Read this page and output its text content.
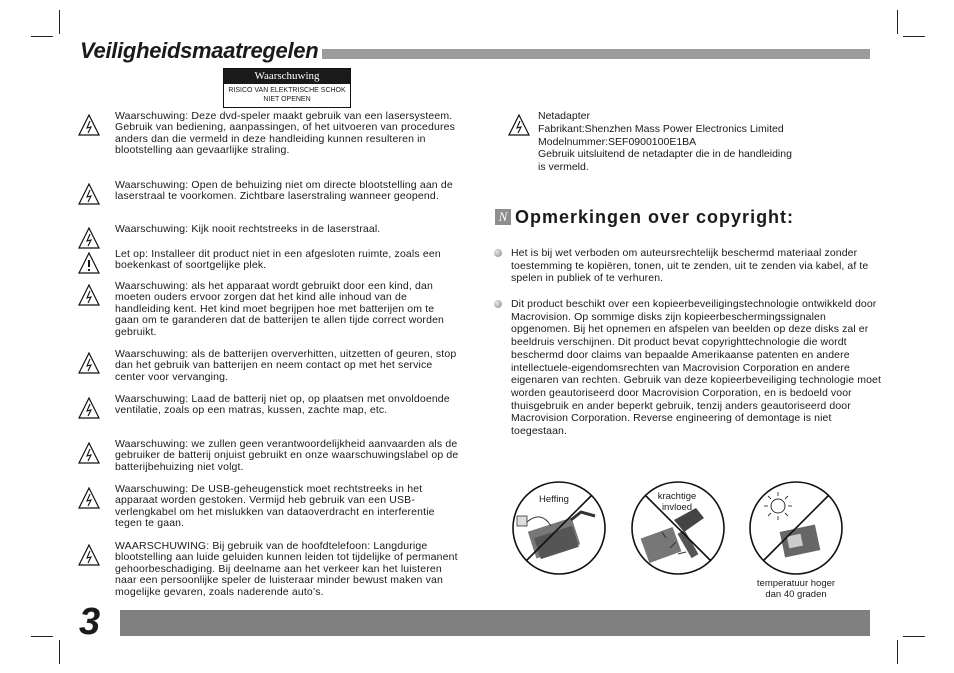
Veiligheidsmaatregelen
Waarschuwing
RISICO VAN ELEKTRISCHE SCHOK NIET OPENEN
Waarschuwing: Deze dvd-speler maakt gebruik van een lasersysteem. Gebruik van bediening, aanpassingen, of het uitvoeren van procedures anders dan die vermeld in deze handleiding kunnen resulteren in blootstelling aan gevaarlijke straling.
Waarschuwing: Open de behuizing niet om directe blootstelling aan de laserstraal te voorkomen. Zichtbare laserstraling wanneer geopend.
Waarschuwing: Kijk nooit rechtstreeks in de laserstraal.
Let op: Installeer dit product niet in een afgesloten ruimte, zoals een boekenkast of soortgelijke plek.
Waarschuwing: als het apparaat wordt gebruikt door een kind, dan moeten ouders ervoor zorgen dat het kind alle inhoud van de handleiding kent. Het kind moet begrijpen hoe met batterijen om te gaan om te garanderen dat de batterijen te allen tijde correct worden gebruikt.
Waarschuwing: als de batterijen oververhitten, uitzetten of geuren, stop dan het gebruik van batterijen en neem contact op met het service center voor vervanging.
Waarschuwing: Laad de batterij niet op, op plaatsen met onvoldoende ventilatie, zoals op een matras, kussen, zachte map, etc.
Waarschuwing: we zullen geen verantwoordelijkheid aanvaarden als de gebruiker de batterij onjuist gebruikt en onze waarschuwingslabel op de batterijbehuizing niet volgt.
Waarschuwing: De USB-geheugenstick moet rechtstreeks in het apparaat worden gestoken. Vermijd heb gebruik van een USB-verlengkabel om het mislukken van dataoverdracht en interferentie tegen te gaan.
WAARSCHUWING: Bij gebruik van de hoofdtelefoon: Langdurige blootstelling aan luide geluiden kunnen leiden tot tijdelijke of permanent gehoorbeschadiging. Bij deelname aan het verkeer kan het luisteren naar een persoonlijke speler de luisteraar minder bewust maken van mogelijke gevaren, zoals naderende auto’s.
Netadapter
Fabrikant:Shenzhen Mass Power Electronics Limited
Modelnummer:SEF0900100E1BA
Gebruik uitsluitend de netadapter die in de handleiding
is vermeld.
N Opmerkingen over copyright:
Het is bij wet verboden om auteursrechtelijk beschermd materiaal zonder toestemming te kopiëren, tonen, uit te zenden, uit te zenden via kabel, af te spelen in publiek of te verhuren.
Dit product beschikt over een kopieerbeveiligingstechnologie ontwikkeld door Macrovision. Op sommige disks zijn kopieerbeschermingssignalen opgenomen. Bij het opnemen en afspelen van beelden op deze disks zal er beeldruis verschijnen. Dit product bevat copyrighttechnologie die wordt beschermd door claims van bepaalde Amerikaanse patenten en andere intellectuele-eigendomsrechten van Macrovision Corporation en andere eigenaren van rechten. Gebruik van deze kopieerbeveiliging technologie moet worden geautoriseerd door Macrovision Corporation, en is bedoeld voor thuisgebruik en ander beperkt gebruik, tenzij anders geautoriseerd door Macrovision Corporation. Reverse engineering of demontage is niet toegestaan.
Heffing	krachtige invloed
temperatuur hoger dan 40 graden
3
